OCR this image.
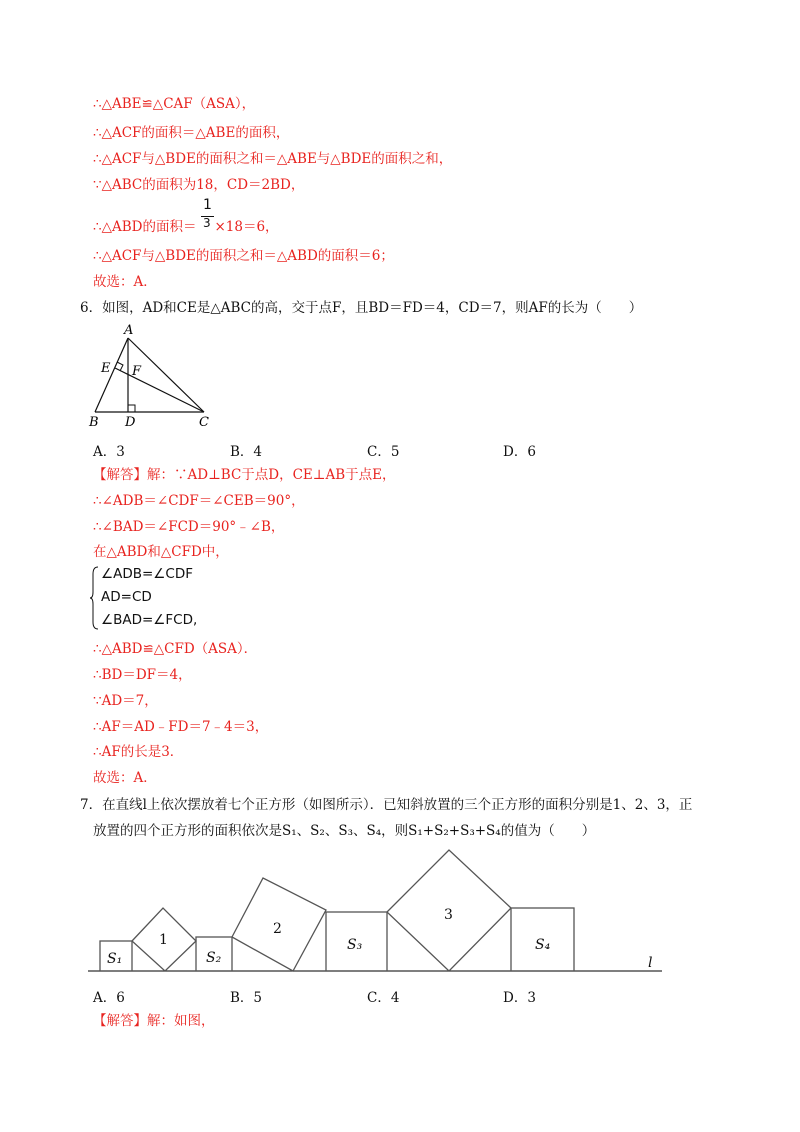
∴△ABE≌△CAF（ASA），
∴△ACF的面积＝△ABE的面积，
∴△ACF与△BDE的面积之和＝△ABE与△BDE的面积之和，
∵△ABC的面积为18，CD＝2BD，
∴△ABD的面积＝ ×18＝6，
1
3
∴△ACF与△BDE的面积之和＝△ABD的面积＝6；
故选：A．
6．如图，AD和CE是△ABC的高，交于点F，且BD＝FD＝4，CD＝7，则AF的长为（　　）
A
B	C
D
E F
A．3	B．4	C．5	D．6
【解答】解：∵AD⊥BC于点D，CE⊥AB于点E，
∴∠ADB＝∠CDF＝∠CEB＝90°，
∴∠BAD＝∠FCD＝90°﹣∠B，
在△ABD和△CFD中，
∠ADB=∠CDF
AD=CD
∠BAD=∠FCD,
∴△ABD≌△CFD（ASA）．
∴BD＝DF＝4，
∵AD＝7，
∴AF＝AD﹣FD＝7﹣4＝3，
∴AF的长是3．
故选：A．
7．在直线l上依次摆放着七个正方形（如图所示）．已知斜放置的三个正方形的面积分别是1、2、3，正
放置的四个正方形的面积依次是S₁、S₂、S₃、S₄，则S₁+S₂+S₃+S₄的值为（　　）
S₁	S₂
S₃	S₄
1
2
3
l
A．6	B．5	C．4	D．3
【解答】解：如图，
